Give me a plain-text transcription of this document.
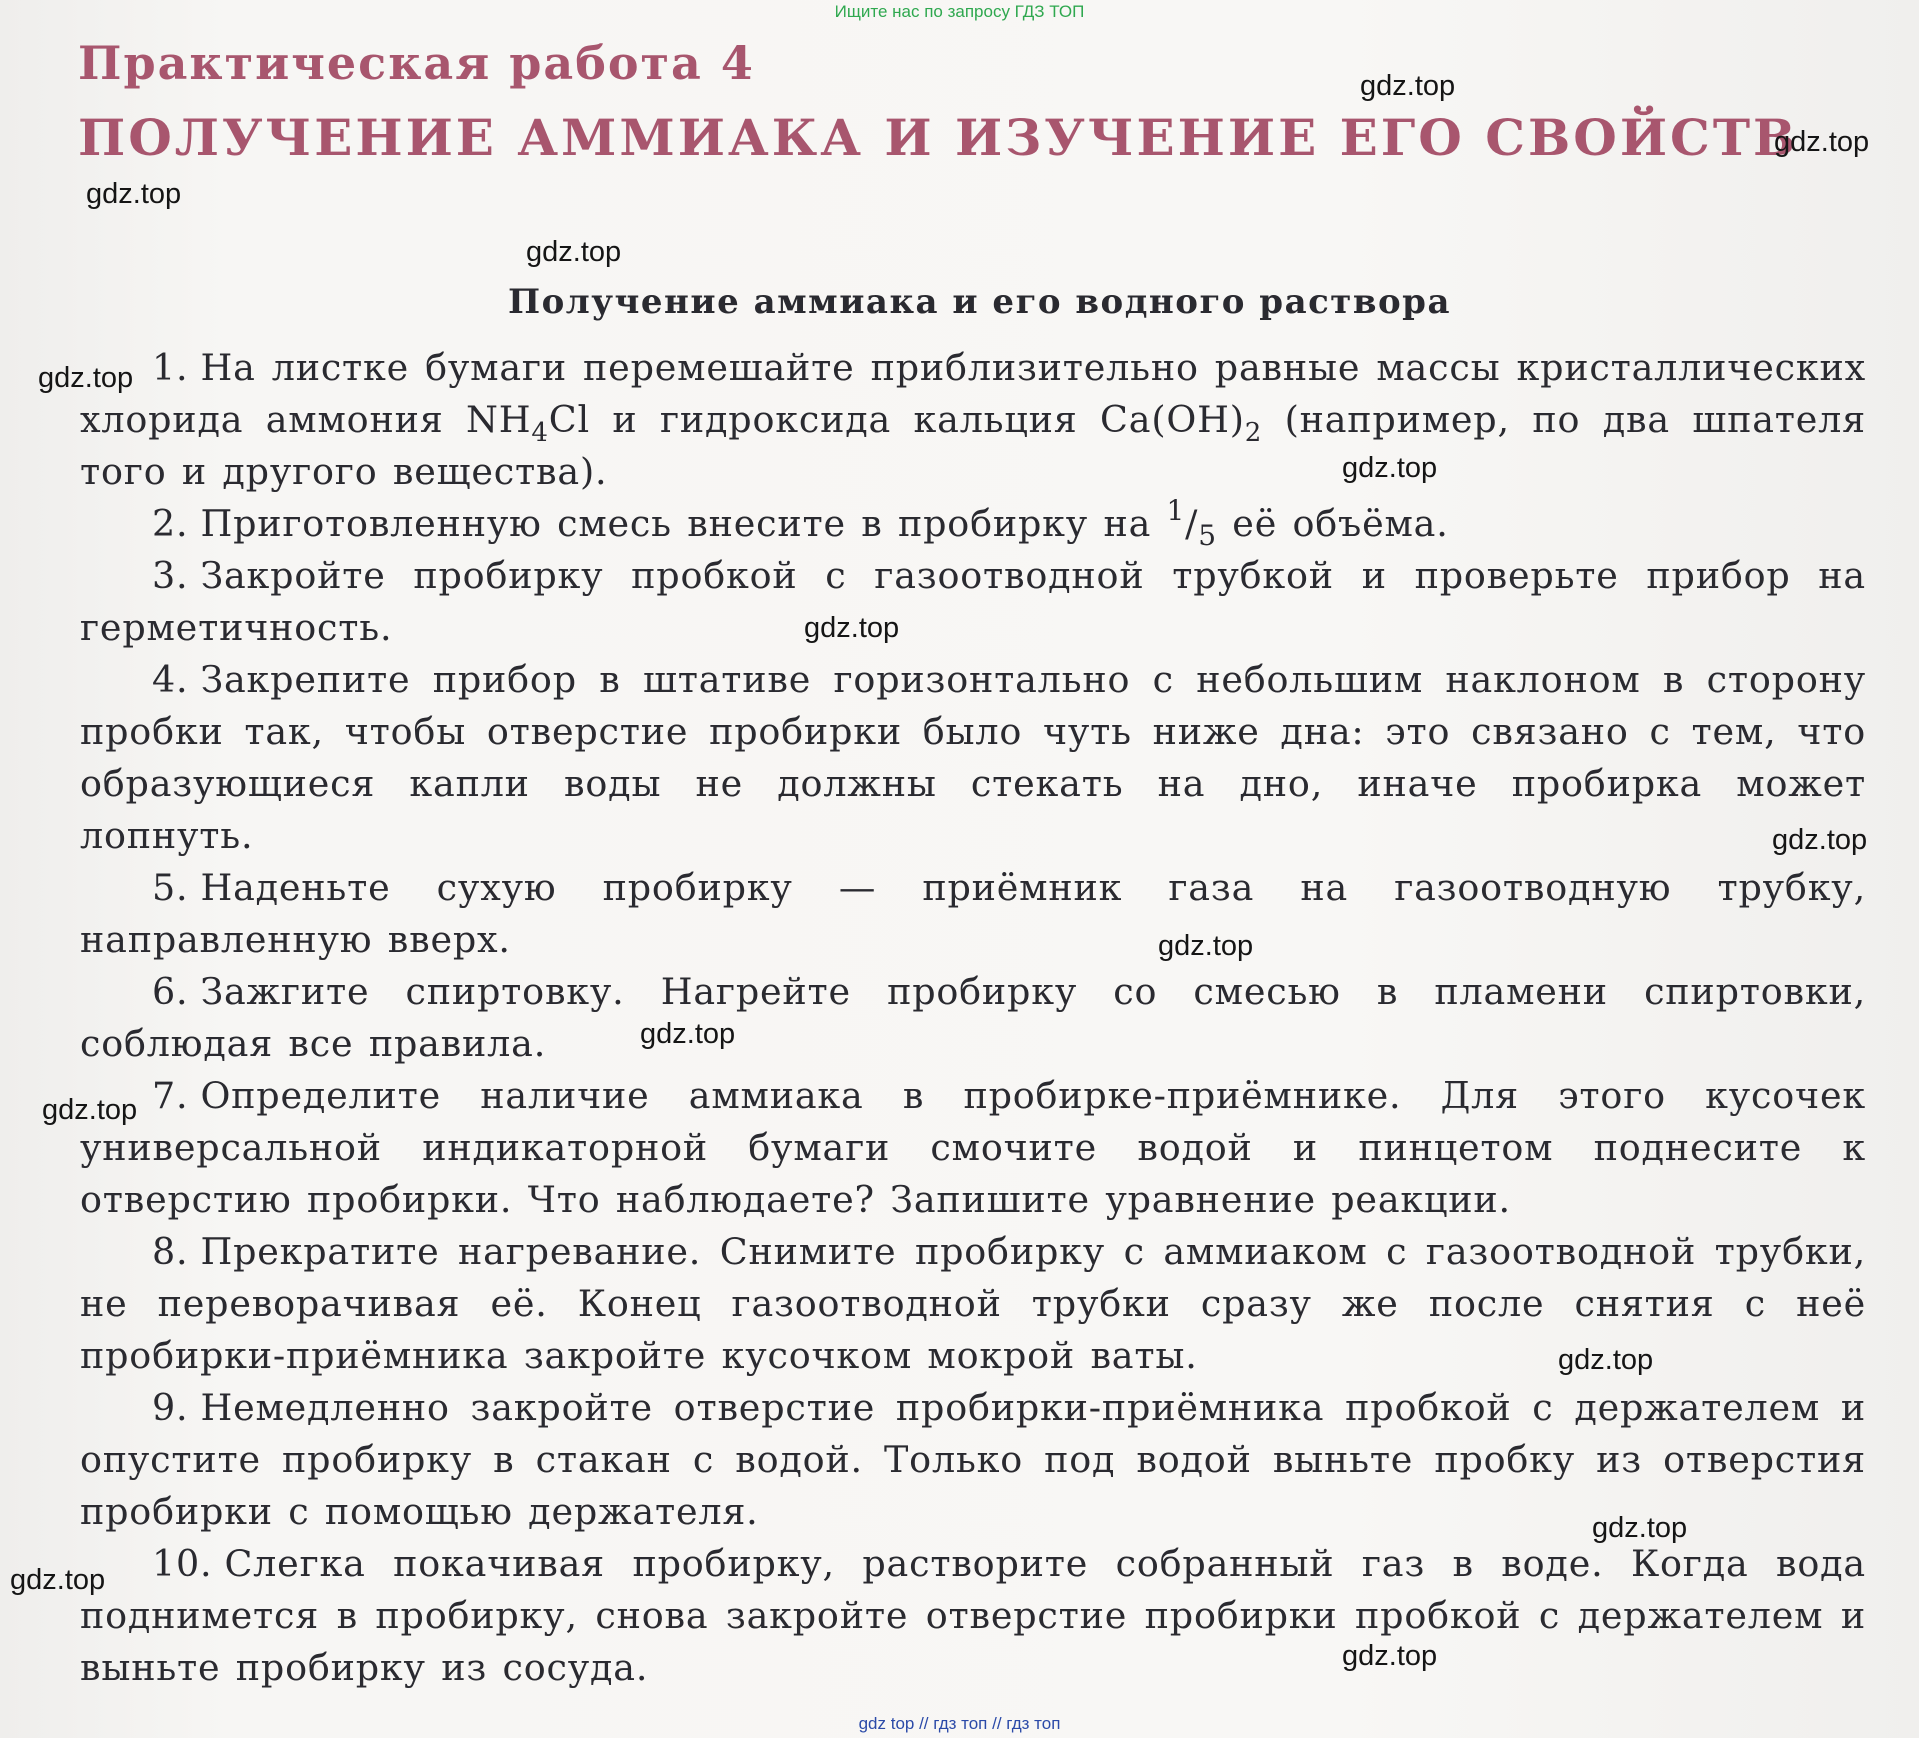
Ищите нас по запросу ГДЗ ТОП
Практическая работа 4
ПОЛУЧЕНИЕ АММИАКА И ИЗУЧЕНИЕ ЕГО СВОЙСТВ
Получение аммиака и его водного раствора

1. На листке бумаги перемешайте приблизительно равные массы кристаллических хлорида аммония $NH_4Cl$ и гидроксида кальция $Ca(OH)_2$ (например, по два шпателя того и другого вещества).

2. Приготовленную смесь внесите в пробирку на $^1/_5$ её объёма.

3. Закройте пробирку пробкой с газоотводной трубкой и проверьте прибор на герметичность.

4. Закрепите прибор в штативе горизонтально с небольшим наклоном в сторону пробки так, чтобы отверстие пробирки было чуть ниже дна: это связано с тем, что образующиеся капли воды не должны стекать на дно, иначе пробирка может лопнуть.

5. Наденьте сухую пробирку — приёмник газа на газоотводную трубку, направленную вверх.

6. Зажгите спиртовку. Нагрейте пробирку со смесью в пламени спиртовки, соблюдая все правила.

7. Определите наличие аммиака в пробирке-приёмнике. Для этого кусочек универсальной индикаторной бумаги смочите водой и пинцетом поднесите к отверстию пробирки. Что наблюдаете? Запишите уравнение реакции.

8. Прекратите нагревание. Снимите пробирку с аммиаком с газоотводной трубки, не переворачивая её. Конец газоотводной трубки сразу же после снятия с неё пробирки-приёмника закройте кусочком мокрой ваты.

9. Немедленно закройте отверстие пробирки-приёмника пробкой с держателем и опустите пробирку в стакан с водой. Только под водой выньте пробку из отверстия пробирки с помощью держателя.

10. Слегка покачивая пробирку, растворите собранный газ в воде. Когда вода поднимется в пробирку, снова закройте отверстие пробирки пробкой с держателем и выньте пробирку из сосуда.

gdz.top
gdz.top
gdz.top
gdz.top
gdz.top
gdz.top
gdz.top
gdz.top
gdz.top
gdz.top
gdz.top
gdz.top
gdz.top
gdz.top
gdz.top
gdz top // гдз топ // гдз топ
